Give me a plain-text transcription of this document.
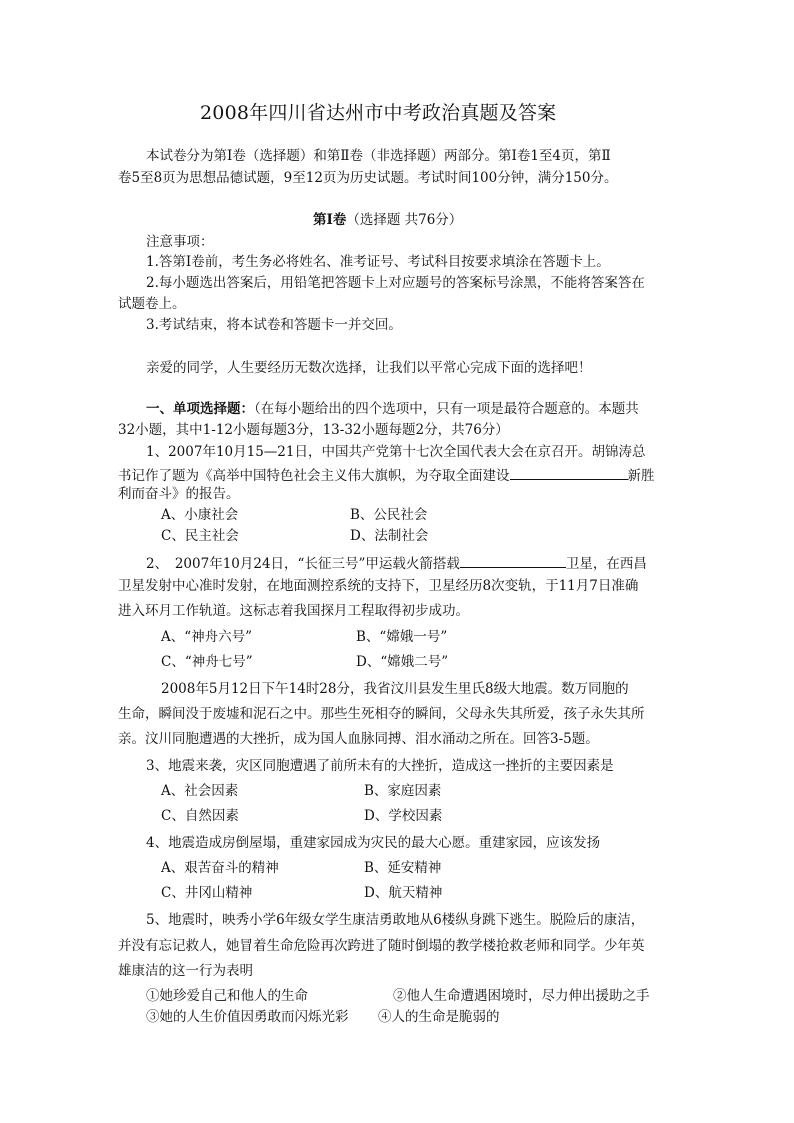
2008年四川省达州市中考政治真题及答案
本试卷分为第Ⅰ卷（选择题）和第Ⅱ卷（非选择题）两部分。第Ⅰ卷1至4页，第Ⅱ
卷5至8页为思想品德试题，9至12页为历史试题。考试时间100分钟，满分150分。
第Ⅰ卷（选择题 共76分）
注意事项：
1.答第Ⅰ卷前，考生务必将姓名、准考证号、考试科目按要求填涂在答题卡上。
2.每小题选出答案后，用铅笔把答题卡上对应题号的答案标号涂黑，不能将答案答在
试题卷上。
3.考试结束，将本试卷和答题卡一并交回。
亲爱的同学，人生要经历无数次选择，让我们以平常心完成下面的选择吧！
一、单项选择题：（在每小题给出的四个选项中，只有一项是最符合题意的。本题共
32小题，其中1-12小题每题3分，13-32小题每题2分，共76分）
1、2007年10月15—21日，中国共产党第十七次全国代表大会在京召开。胡锦涛总
书记作了题为《高举中国特色社会主义伟大旗帜，为夺取全面建设	新胜
利而奋斗》的报告。
A、小康社会	B、公民社会
C、民主社会	D、法制社会
2、　2007年10月24日，“长征三号”甲运载火箭搭载	卫星，在西昌
卫星发射中心准时发射，在地面测控系统的支持下，卫星经历8次变轨，于11月7日准确
进入环月工作轨道。这标志着我国探月工程取得初步成功。
A、“神舟六号”	B、“嫦娥一号”
C、“神舟七号”	D、“嫦娥二号”
2008年5月12日下午14时28分，我省汶川县发生里氏8级大地震。数万同胞的
生命，瞬间没于废墟和泥石之中。那些生死相夺的瞬间，父母永失其所爱，孩子永失其所
亲。汶川同胞遭遇的大挫折，成为国人血脉同搏、泪水涌动之所在。回答3-5题。
3、地震来袭，灾区同胞遭遇了前所未有的大挫折，造成这一挫折的主要因素是
A、社会因素	B、家庭因素
C、自然因素	D、学校因素
4、地震造成房倒屋塌，重建家园成为灾民的最大心愿。重建家园，应该发扬
A、艰苦奋斗的精神	B、延安精神
C、井冈山精神	D、航天精神
5、地震时，映秀小学6年级女学生康洁勇敢地从6楼纵身跳下逃生。脱险后的康洁，
并没有忘记救人，她冒着生命危险再次跨进了随时倒塌的教学楼抢救老师和同学。少年英
雄康洁的这一行为表明
①她珍爱自己和他人的生命	②他人生命遭遇困境时，尽力伸出援助之手
③她的人生价值因勇敢而闪烁光彩 ④人的生命是脆弱的
